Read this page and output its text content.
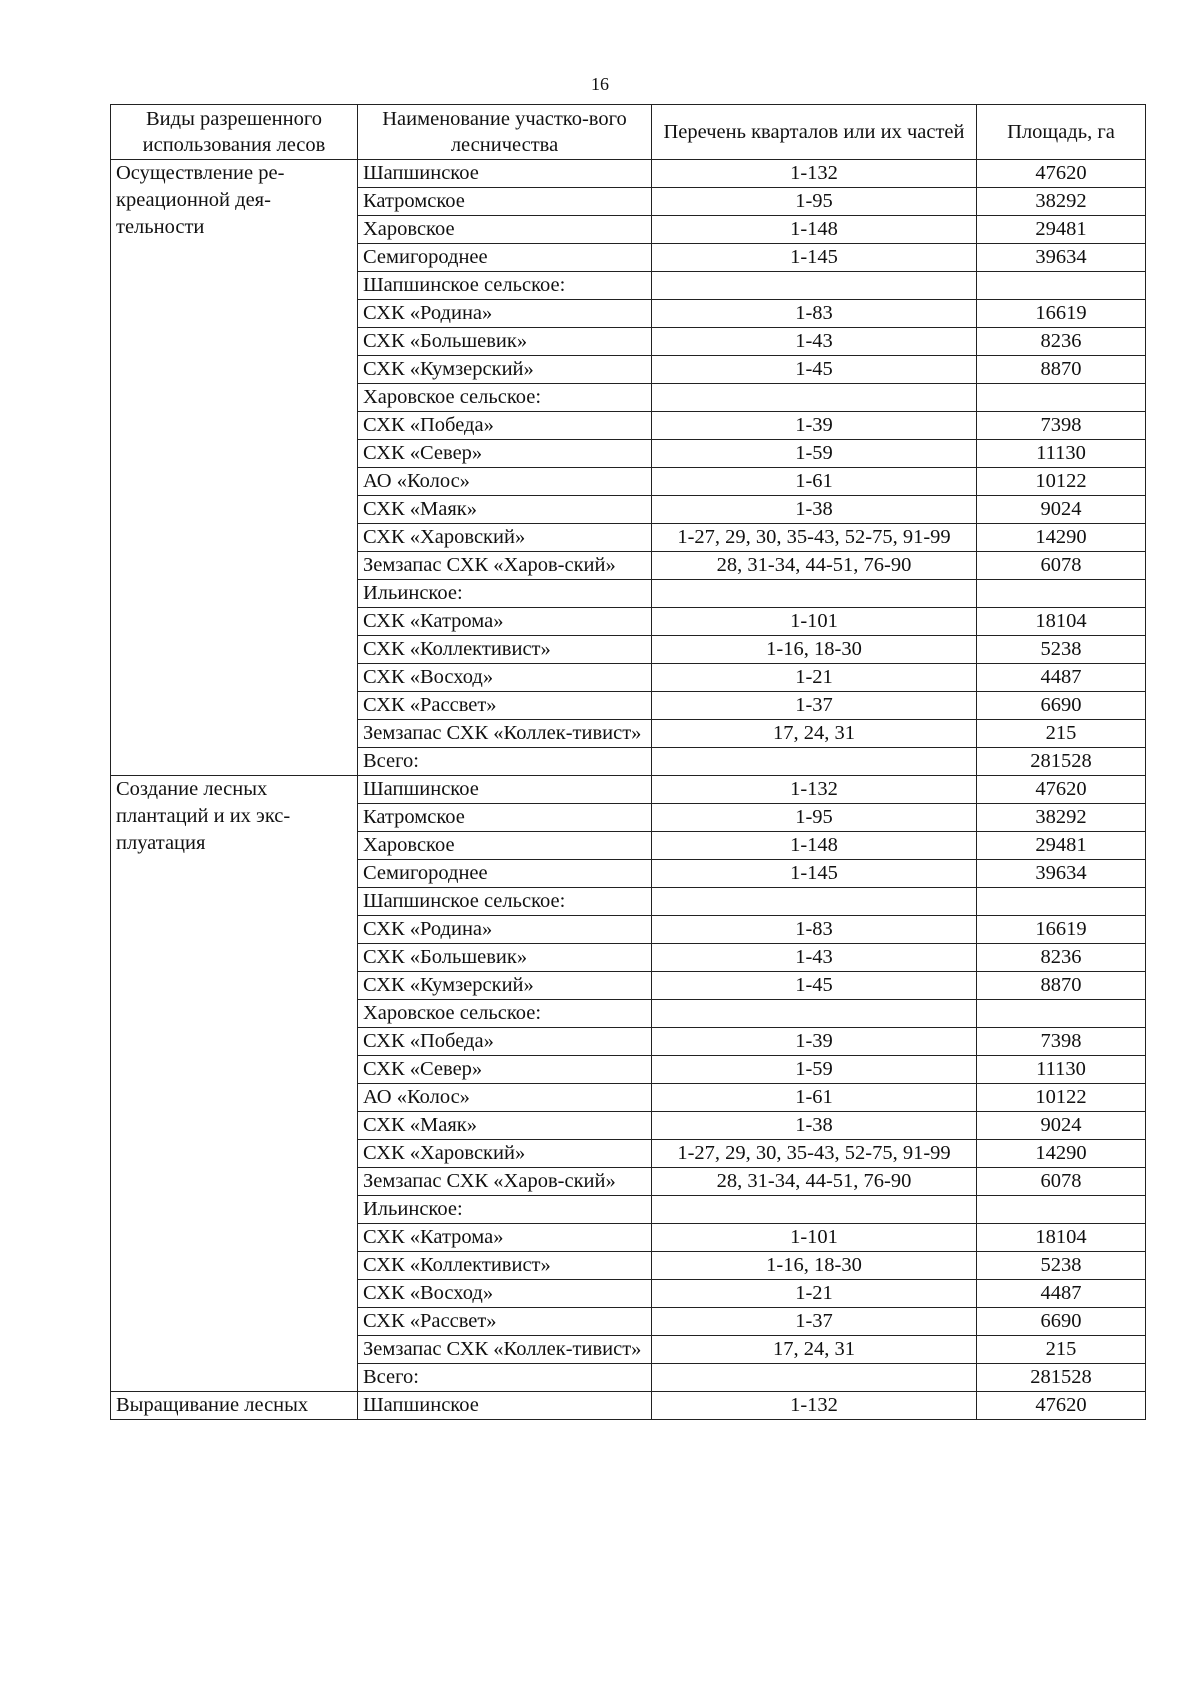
16
Виды разрешенного использования лесов	Наименование участко-вого лесничества	Перечень кварталов или их частей	Площадь, га
Осуществление ре-креационной дея-тельности	Шапшинское	1-132	47620
	Катромское	1-95	38292
	Харовское	1-148	29481
	Семигороднее	1-145	39634
	Шапшинское сельское:		
	СХК «Родина»	1-83	16619
	СХК «Большевик»	1-43	8236
	СХК «Кумзерский»	1-45	8870
	Харовское сельское:		
	СХК «Победа»	1-39	7398
	СХК «Север»	1-59	11130
	АО «Колос»	1-61	10122
	СХК «Маяк»	1-38	9024
	СХК «Харовский»	1-27, 29, 30, 35-43, 52-75, 91-99	14290
	Земзапас СХК «Харов-ский»	28, 31-34, 44-51, 76-90	6078
	Ильинское:		
	СХК «Катрома»	1-101	18104
	СХК «Коллективист»	1-16, 18-30	5238
	СХК «Восход»	1-21	4487
	СХК «Рассвет»	1-37	6690
	Земзапас СХК «Коллек-тивист»	17, 24, 31	215
	Всего:		281528
Создание лесных плантаций и их экс-плуатация	Шапшинское	1-132	47620
	Катромское	1-95	38292
	Харовское	1-148	29481
	Семигороднее	1-145	39634
	Шапшинское сельское:		
	СХК «Родина»	1-83	16619
	СХК «Большевик»	1-43	8236
	СХК «Кумзерский»	1-45	8870
	Харовское сельское:		
	СХК «Победа»	1-39	7398
	СХК «Север»	1-59	11130
	АО «Колос»	1-61	10122
	СХК «Маяк»	1-38	9024
	СХК «Харовский»	1-27, 29, 30, 35-43, 52-75, 91-99	14290
	Земзапас СХК «Харов-ский»	28, 31-34, 44-51, 76-90	6078
	Ильинское:		
	СХК «Катрома»	1-101	18104
	СХК «Коллективист»	1-16, 18-30	5238
	СХК «Восход»	1-21	4487
	СХК «Рассвет»	1-37	6690
	Земзапас СХК «Коллек-тивист»	17, 24, 31	215
	Всего:		281528
Выращивание лесных	Шапшинское	1-132	47620
